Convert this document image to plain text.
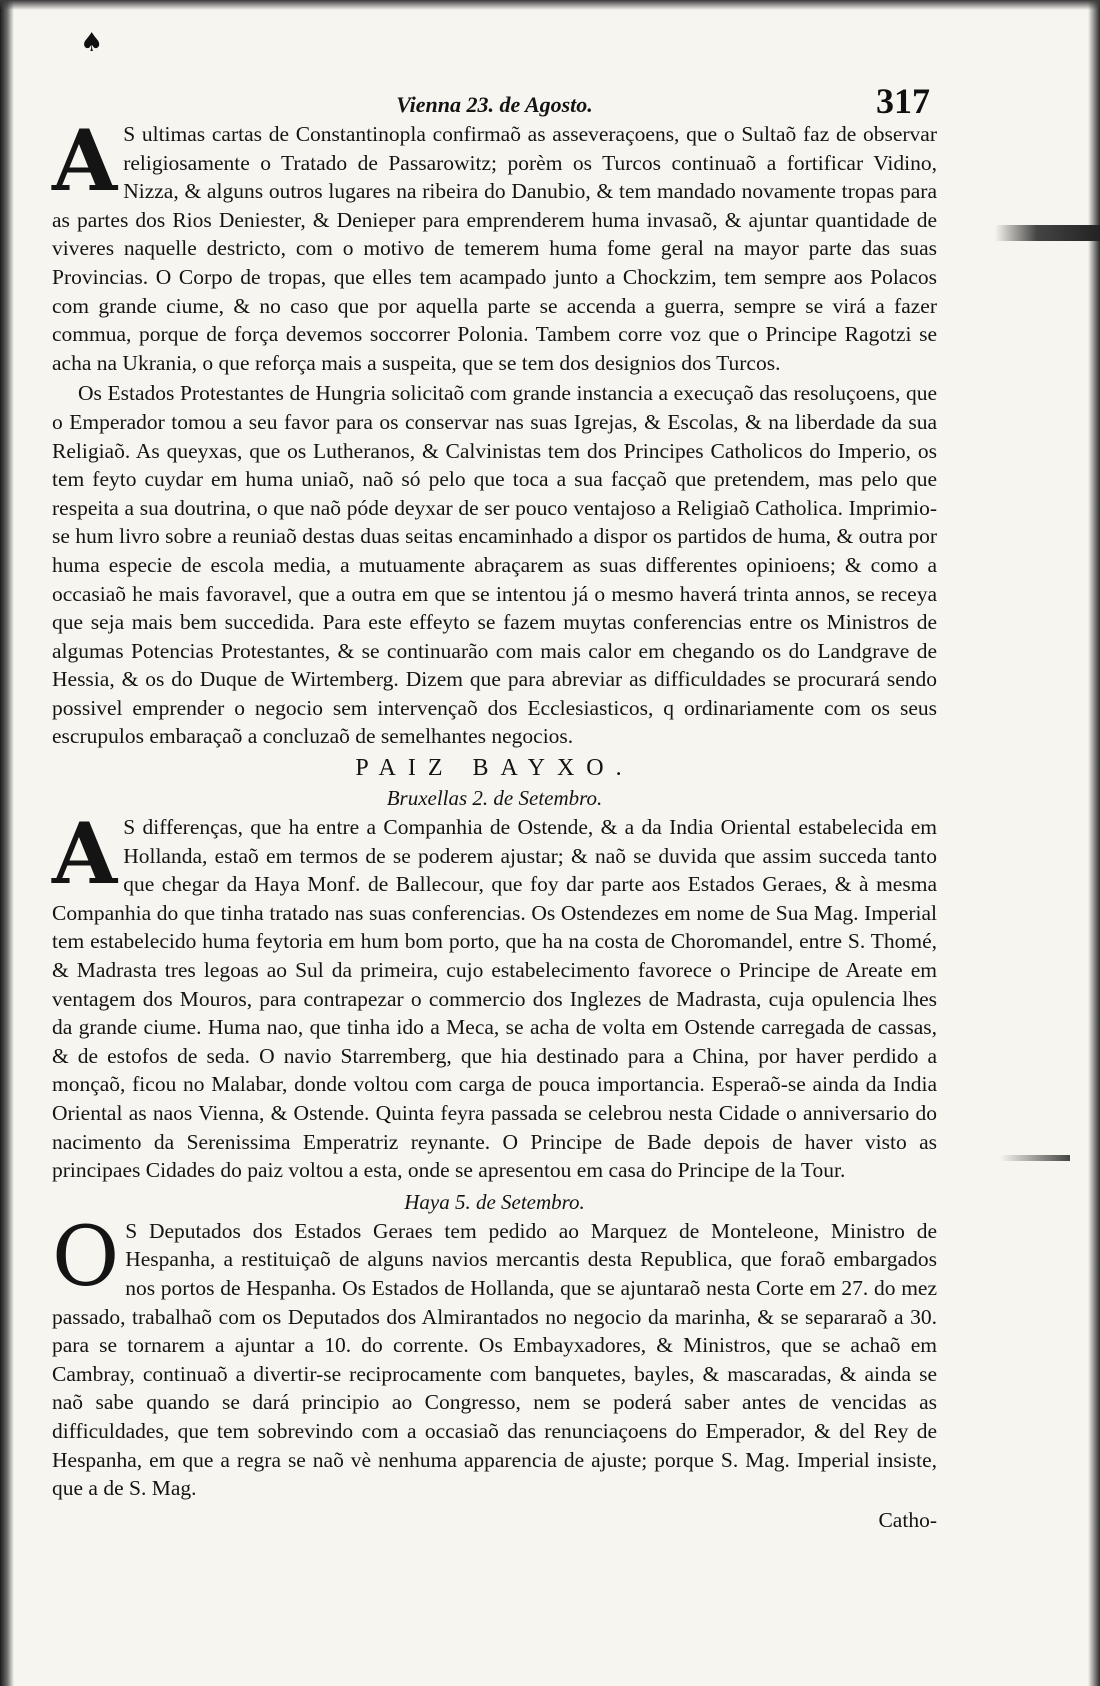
♠
317
Vienna 23. de Agosto.

A S ultimas cartas de Constantinopla confirmaõ as asseveraçoens, que o Sultaõ faz de observar religiosamente o Tratado de Passarowitz; porèm os Turcos continuaõ a fortificar Vidino, Nizza, & alguns outros lugares na ribeira do Danubio, & tem mandado novamente tropas para as partes dos Rios Deniester, & Denieper para emprenderem huma invasaõ, & ajuntar quantidade de viveres naquelle destricto, com o motivo de temerem huma fome geral na mayor parte das suas Provincias. O Corpo de tropas, que elles tem acampado junto a Chockzim, tem sempre aos Polacos com grande ciume, & no caso que por aquella parte se accenda a guerra, sempre se virá a fazer commua, porque de força devemos soccorrer Polonia. Tambem corre voz que o Principe Ragotzi se acha na Ukrania, o que reforça mais a suspeita, que se tem dos designios dos Turcos.

Os Estados Protestantes de Hungria solicitaõ com grande instancia a execuçaõ das resoluçoens, que o Emperador tomou a seu favor para os conservar nas suas Igrejas, & Escolas, & na liberdade da sua Religiaõ. As queyxas, que os Lutheranos, & Calvinistas tem dos Principes Catholicos do Imperio, os tem feyto cuydar em huma uniaõ, naõ só pelo que toca a sua facçaõ que pretendem, mas pelo que respeita a sua doutrina, o que naõ póde deyxar de ser pouco ventajoso a Religiaõ Catholica. Imprimio-se hum livro sobre a reuniaõ destas duas seitas encaminhado a dispor os partidos de huma, & outra por huma especie de escola media, a mutuamente abraçarem as suas differentes opinioens; & como a occasiaõ he mais favoravel, que a outra em que se intentou já o mesmo haverá trinta annos, se receya que seja mais bem succedida. Para este effeyto se fazem muytas conferencias entre os Ministros de algumas Potencias Protestantes, & se continuarão com mais calor em chegando os do Landgrave de Hessia, & os do Duque de Wirtemberg. Dizem que para abreviar as difficuldades se procurará sendo possivel emprender o negocio sem intervençaõ dos Ecclesiasticos, q ordinariamente com os seus escrupulos embaraçaõ a concluzaõ de semelhantes negocios.

PAIZ BAYXO.
Bruxellas 2. de Setembro.

A S differenças, que ha entre a Companhia de Ostende, & a da India Oriental estabelecida em Hollanda, estaõ em termos de se poderem ajustar; & naõ se duvida que assim succeda tanto que chegar da Haya Monf. de Ballecour, que foy dar parte aos Estados Geraes, & à mesma Companhia do que tinha tratado nas suas conferencias. Os Ostendezes em nome de Sua Mag. Imperial tem estabelecido huma feytoria em hum bom porto, que ha na costa de Choromandel, entre S. Thomé, & Madrasta tres legoas ao Sul da primeira, cujo estabelecimento favorece o Principe de Areate em ventagem dos Mouros, para contrapezar o commercio dos Inglezes de Madrasta, cuja opulencia lhes da grande ciume. Huma nao, que tinha ido a Meca, se acha de volta em Ostende carregada de cassas, & de estofos de seda. O navio Starremberg, que hia destinado para a China, por haver perdido a monçaõ, ficou no Malabar, donde voltou com carga de pouca importancia. Esperaõ-se ainda da India Oriental as naos Vienna, & Ostende. Quinta feyra passada se celebrou nesta Cidade o anniversario do nacimento da Serenissima Emperatriz reynante. O Principe de Bade depois de haver visto as principaes Cidades do paiz voltou a esta, onde se apresentou em casa do Principe de la Tour.

Haya 5. de Setembro.

O S Deputados dos Estados Geraes tem pedido ao Marquez de Monteleone, Ministro de Hespanha, a restituiçaõ de alguns navios mercantis desta Republica, que foraõ embargados nos portos de Hespanha. Os Estados de Hollanda, que se ajuntaraõ nesta Corte em 27. do mez passado, trabalhaõ com os Deputados dos Almirantados no negocio da marinha, & se separaraõ a 30. para se tornarem a ajuntar a 10. do corrente. Os Embayxadores, & Ministros, que se achaõ em Cambray, continuaõ a divertir-se reciprocamente com banquetes, bayles, & mascaradas, & ainda se naõ sabe quando se dará principio ao Congresso, nem se poderá saber antes de vencidas as difficuldades, que tem sobrevindo com a occasiaõ das renunciaçoens do Emperador, & del Rey de Hespanha, em que a regra se naõ vè nenhuma apparencia de ajuste; porque S. Mag. Imperial insiste, que a de S. Mag.

Catho-
